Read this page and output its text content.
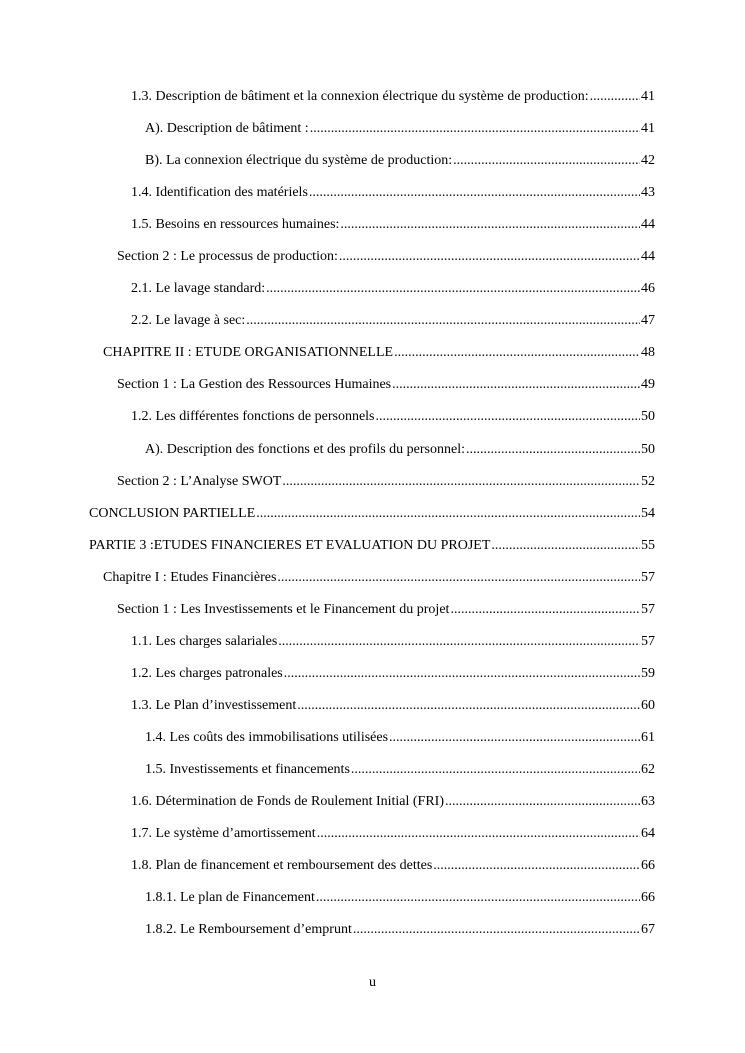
1.3. Description de bâtiment et la connexion électrique du système de production: .....	41
A). Description de bâtiment : .....	41
B). La connexion électrique du système de production: .....	42
1.4. Identification des matériels .....	43
1.5. Besoins en ressources humaines: .....	44
Section 2 : Le processus de production: .....	44
2.1. Le lavage standard: .....	46
2.2. Le lavage à sec: .....	47
CHAPITRE II : ETUDE ORGANISATIONNELLE .....	48
Section 1 : La Gestion des Ressources Humaines .....	49
1.2. Les différentes fonctions de personnels .....	50
A). Description des fonctions et des profils du personnel: .....	50
Section 2 : L’Analyse SWOT .....	52
CONCLUSION PARTIELLE .....	54
PARTIE 3 :ETUDES FINANCIERES ET EVALUATION DU PROJET .....	55
Chapitre I : Etudes Financières .....	57
Section 1 : Les Investissements et le Financement du projet .....	57
1.1. Les charges salariales .....	57
1.2. Les charges patronales .....	59
1.3. Le Plan d’investissement .....	60
1.4. Les coûts des immobilisations utilisées .....	61
1.5. Investissements et financements .....	62
1.6. Détermination de Fonds de Roulement Initial (FRI) .....	63
1.7. Le système d’amortissement .....	64
1.8. Plan de financement et remboursement des dettes .....	66
1.8.1. Le plan de Financement .....	66
1.8.2. Le Remboursement d’emprunt .....	67
u
